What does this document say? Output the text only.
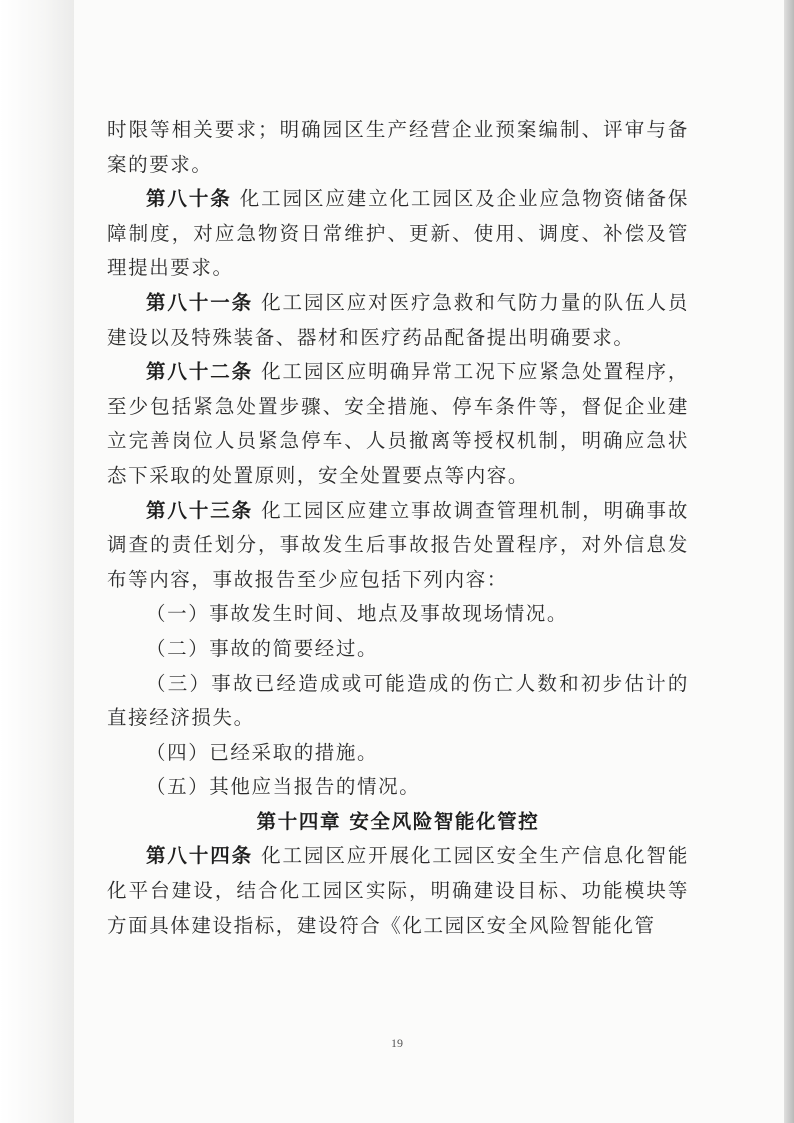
时限等相关要求；明确园区生产经营企业预案编制、评审与备案的要求。

第八十条 化工园区应建立化工园区及企业应急物资储备保障制度，对应急物资日常维护、更新、使用、调度、补偿及管理提出要求。

第八十一条 化工园区应对医疗急救和气防力量的队伍人员建设以及特殊装备、器材和医疗药品配备提出明确要求。

第八十二条 化工园区应明确异常工况下应紧急处置程序，至少包括紧急处置步骤、安全措施、停车条件等，督促企业建立完善岗位人员紧急停车、人员撤离等授权机制，明确应急状态下采取的处置原则，安全处置要点等内容。

第八十三条 化工园区应建立事故调查管理机制，明确事故调查的责任划分，事故发生后事故报告处置程序，对外信息发布等内容，事故报告至少应包括下列内容：

（一）事故发生时间、地点及事故现场情况。

（二）事故的简要经过。

（三）事故已经造成或可能造成的伤亡人数和初步估计的直接经济损失。

（四）已经采取的措施。

（五）其他应当报告的情况。

第十四章 安全风险智能化管控

第八十四条 化工园区应开展化工园区安全生产信息化智能化平台建设，结合化工园区实际，明确建设目标、功能模块等方面具体建设指标，建设符合《化工园区安全风险智能化管

19
